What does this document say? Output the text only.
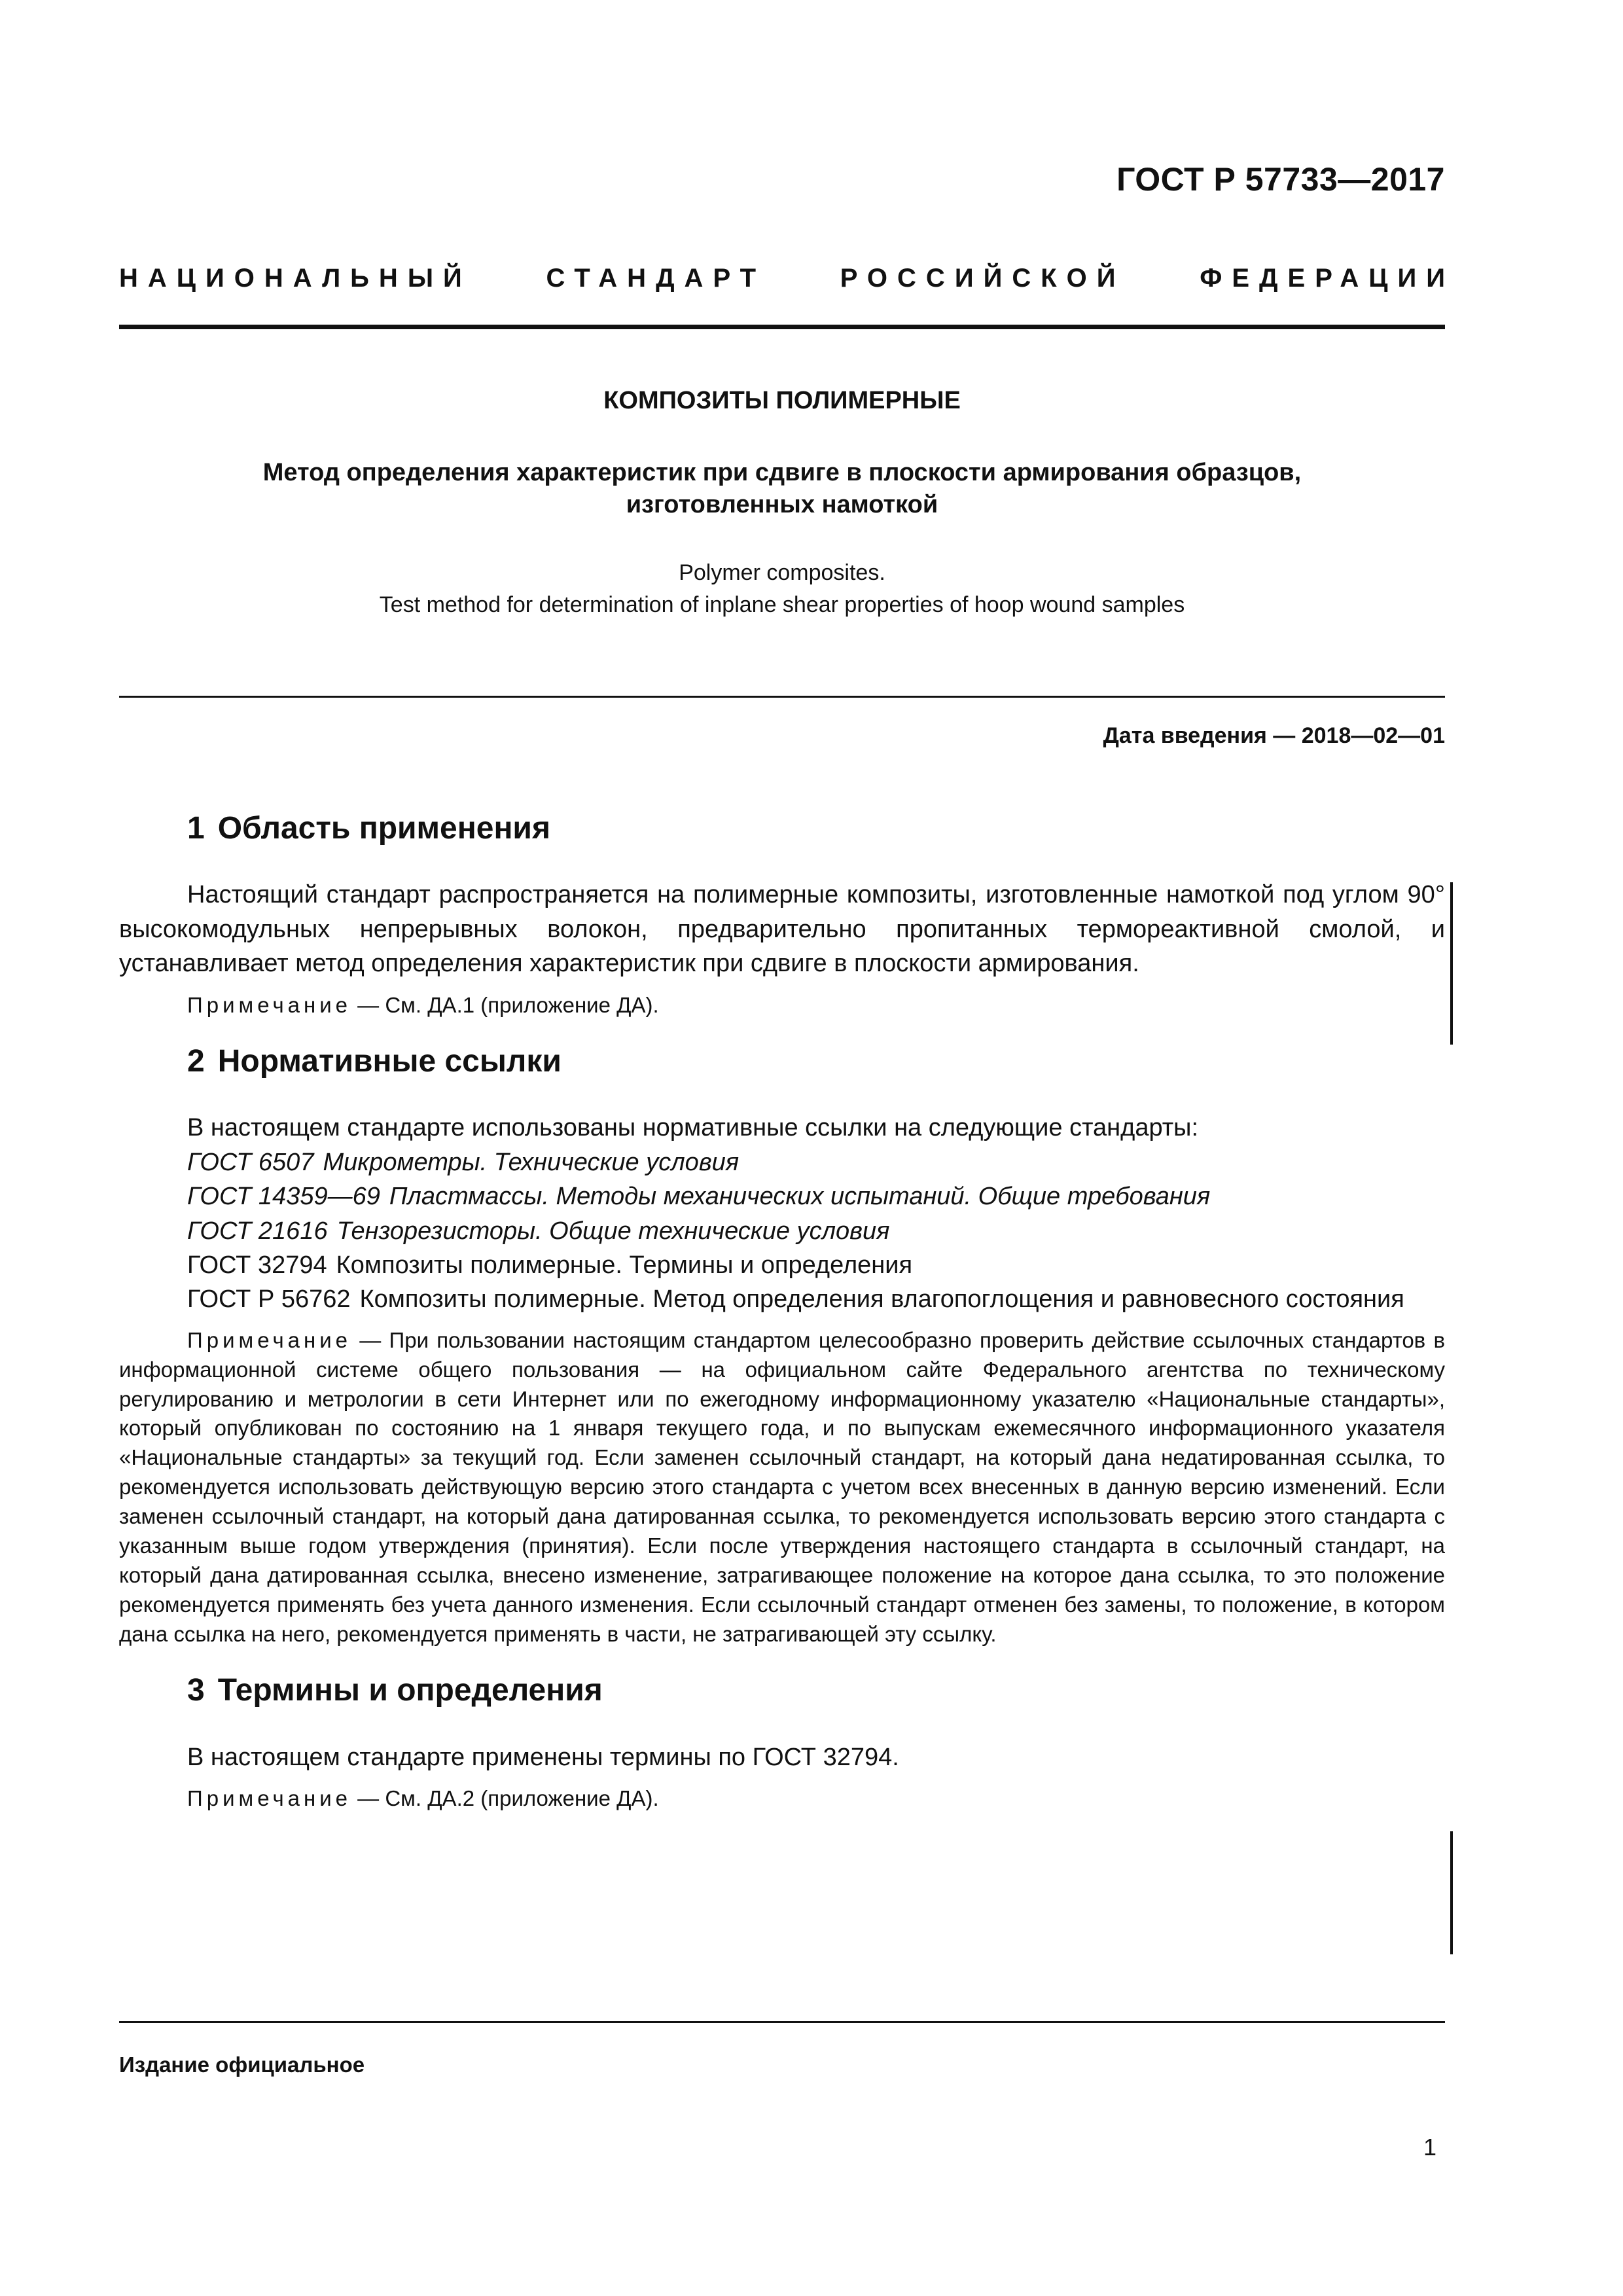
ГОСТ Р 57733—2017
НАЦИОНАЛЬНЫЙ	СТАНДАРТ	РОССИЙСКОЙ	ФЕДЕРАЦИИ
КОМПОЗИТЫ ПОЛИМЕРНЫЕ
Метод определения характеристик при сдвиге в плоскости армирования образцов, изготовленных намоткой
Polymer composites.
Test method for determination of inplane shear properties of hoop wound samples
Дата введения — 2018—02—01
1 Область применения

Настоящий стандарт распространяется на полимерные композиты, изготовленные намоткой под углом 90° высокомодульных непрерывных волокон, предварительно пропитанных термореактивной смолой, и устанавливает метод определения характеристик при сдвиге в плоскости армирования.

Примечание — См. ДА.1 (приложение ДА).

2 Нормативные ссылки

В настоящем стандарте использованы нормативные ссылки на следующие стандарты:

ГОСТ 6507 Микрометры. Технические условия

ГОСТ 14359—69 Пластмассы. Методы механических испытаний. Общие требования

ГОСТ 21616 Тензорезисторы. Общие технические условия

ГОСТ 32794 Композиты полимерные. Термины и определения

ГОСТ Р 56762 Композиты полимерные. Метод определения влагопоглощения и равновесного состояния

Примечание — При пользовании настоящим стандартом целесообразно проверить действие ссылочных стандартов в информационной системе общего пользования — на официальном сайте Федерального агентства по техническому регулированию и метрологии в сети Интернет или по ежегодному информационному указателю «Национальные стандарты», который опубликован по состоянию на 1 января текущего года, и по выпускам ежемесячного информационного указателя «Национальные стандарты» за текущий год. Если заменен ссылочный стандарт, на который дана недатированная ссылка, то рекомендуется использовать действующую версию этого стандарта с учетом всех внесенных в данную версию изменений. Если заменен ссылочный стандарт, на который дана датированная ссылка, то рекомендуется использовать версию этого стандарта с указанным выше годом утверждения (принятия). Если после утверждения настоящего стандарта в ссылочный стандарт, на который дана датированная ссылка, внесено изменение, затрагивающее положение на которое дана ссылка, то это положение рекомендуется применять без учета данного изменения. Если ссылочный стандарт отменен без замены, то положение, в котором дана ссылка на него, рекомендуется применять в части, не затрагивающей эту ссылку.

3 Термины и определения

В настоящем стандарте применены термины по ГОСТ 32794.

Примечание — См. ДА.2 (приложение ДА).

Издание официальное
1
